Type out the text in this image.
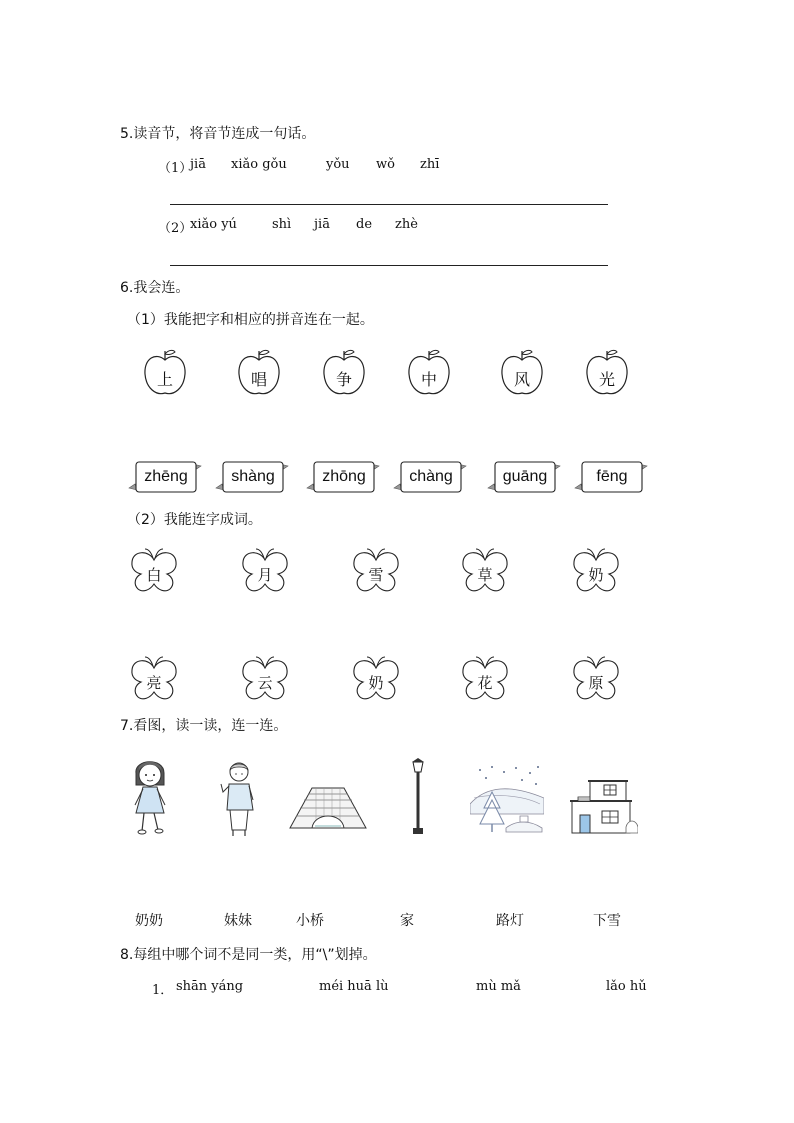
5.读音节，将音节连成一句话。
（1）
jiā xiǎo gǒu	yǒu wǒ zhī
（2）
xiǎo yú	shì jiā de zhè
6.我会连。
（1）我能把字和相应的拼音连在一起。
上	唱	争	中	风	光
zhēng	shàng	zhōng	chàng	guāng	fēng
（2）我能连字成词。
白	月	雪	草	奶
亮	云	奶	花	原
7.看图，读一读，连一连。
奶奶	妹妹	小桥	家	路灯	下雪
8.每组中哪个词不是同一类，用“\”划掉。
1． shān yáng	méi huā lù	mù mǎ	lǎo hǔ
